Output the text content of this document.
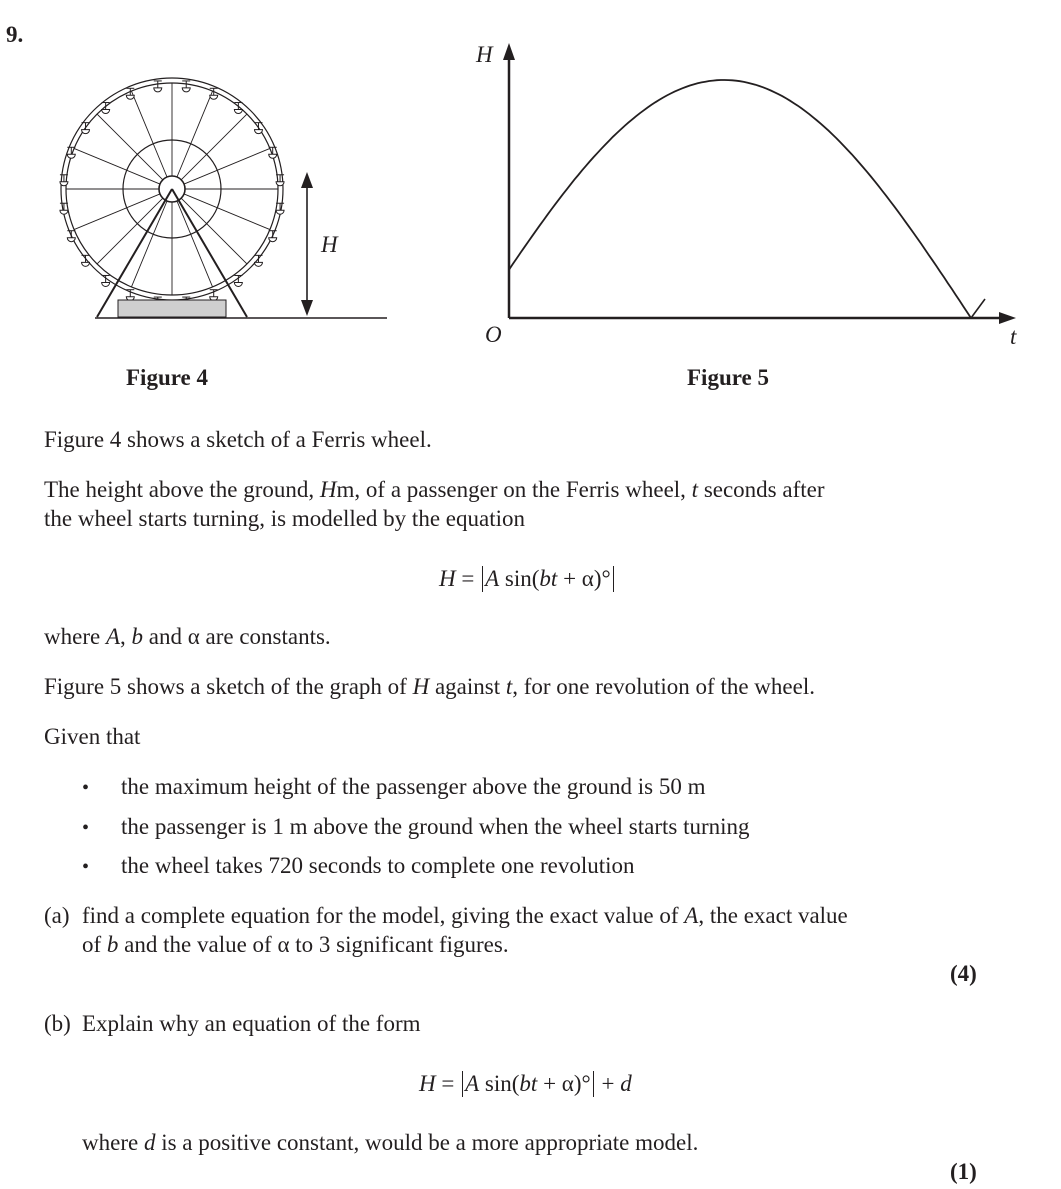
9.
H
Figure 4
H
t
O
Figure 5
Figure 4 shows a sketch of a Ferris wheel.
The height above the ground, Hm, of a passenger on the Ferris wheel, t seconds after
the wheel starts turning, is modelled by the equation
H = A sin(bt + α)°
where A, b and α are constants.
Figure 5 shows a sketch of the graph of H against t, for one revolution of the wheel.
Given that
• the maximum height of the passenger above the ground is 50 m
• the passenger is 1 m above the ground when the wheel starts turning
• the wheel takes 720 seconds to complete one revolution
(a) find a complete equation for the model, giving the exact value of A, the exact value
of b and the value of α to 3 significant figures.
(4)
(b) Explain why an equation of the form
H = A sin(bt + α)° + d
where d is a positive constant, would be a more appropriate model.
(1)
